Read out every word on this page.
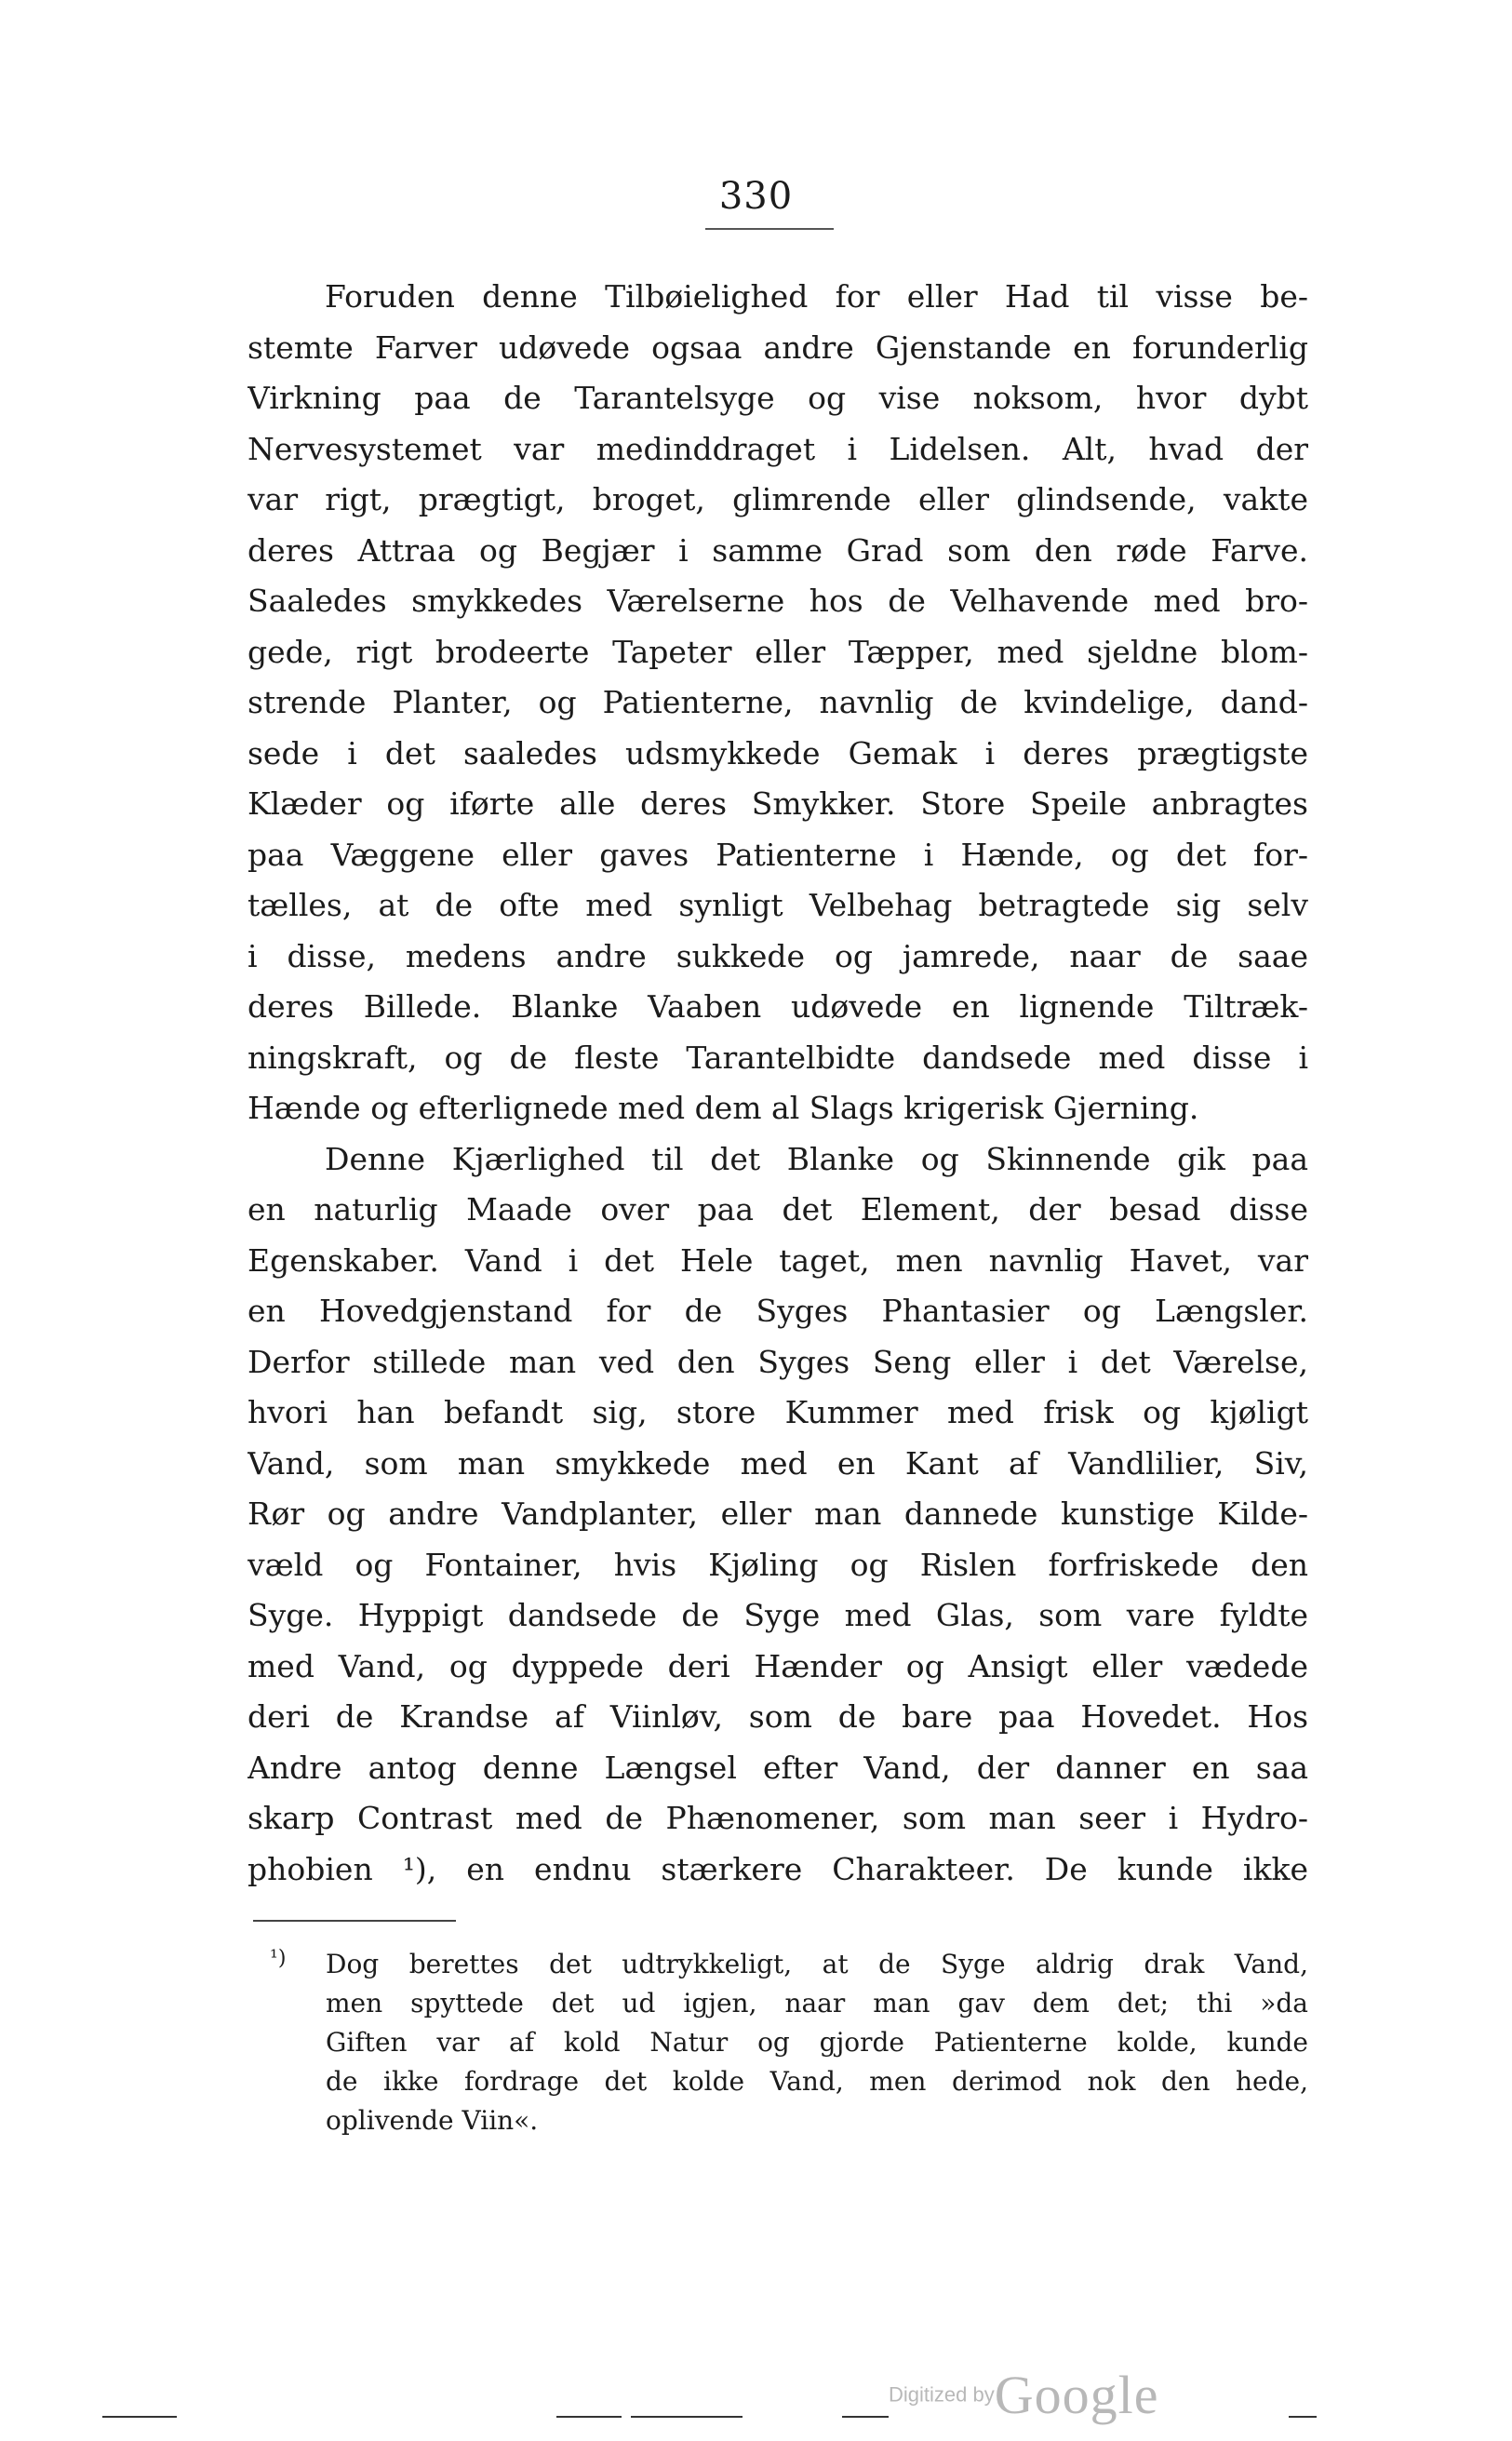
330
Foruden denne Tilbøielighed for eller Had til visse be-
stemte Farver udøvede ogsaa andre Gjenstande en forunderlig
Virkning paa de Tarantelsyge og vise noksom, hvor dybt
Nervesystemet var medinddraget i Lidelsen. Alt, hvad der
var rigt, prægtigt, broget, glimrende eller glindsende, vakte
deres Attraa og Begjær i samme Grad som den røde Farve.
Saaledes smykkedes Værelserne hos de Velhavende med bro-
gede, rigt brodeerte Tapeter eller Tæpper, med sjeldne blom-
strende Planter, og Patienterne, navnlig de kvindelige, dand-
sede i det saaledes udsmykkede Gemak i deres prægtigste
Klæder og iførte alle deres Smykker. Store Speile anbragtes
paa Væggene eller gaves Patienterne i Hænde, og det for-
tælles, at de ofte med synligt Velbehag betragtede sig selv
i disse, medens andre sukkede og jamrede, naar de saae
deres Billede. Blanke Vaaben udøvede en lignende Tiltræk-
ningskraft, og de fleste Tarantelbidte dandsede med disse i
Hænde og efterlignede med dem al Slags krigerisk Gjerning.
Denne Kjærlighed til det Blanke og Skinnende gik paa
en naturlig Maade over paa det Element, der besad disse
Egenskaber. Vand i det Hele taget, men navnlig Havet, var
en Hovedgjenstand for de Syges Phantasier og Længsler.
Derfor stillede man ved den Syges Seng eller i det Værelse,
hvori han befandt sig, store Kummer med frisk og kjøligt
Vand, som man smykkede med en Kant af Vandlilier, Siv,
Rør og andre Vandplanter, eller man dannede kunstige Kilde-
væld og Fontainer, hvis Kjøling og Rislen forfriskede den
Syge. Hyppigt dandsede de Syge med Glas, som vare fyldte
med Vand, og dyppede deri Hænder og Ansigt eller vædede
deri de Krandse af Viinløv, som de bare paa Hovedet. Hos
Andre antog denne Længsel efter Vand, der danner en saa
skarp Contrast med de Phænomener, som man seer i Hydro-
phobien ¹), en endnu stærkere Charakteer. De kunde ikke
¹) Dog berettes det udtrykkeligt, at de Syge aldrig drak Vand,
men spyttede det ud igjen, naar man gav dem det; thi »da
Giften var af kold Natur og gjorde Patienterne kolde, kunde
de ikke fordrage det kolde Vand, men derimod nok den hede,
oplivende Viin«.
Digitized byGoogle
